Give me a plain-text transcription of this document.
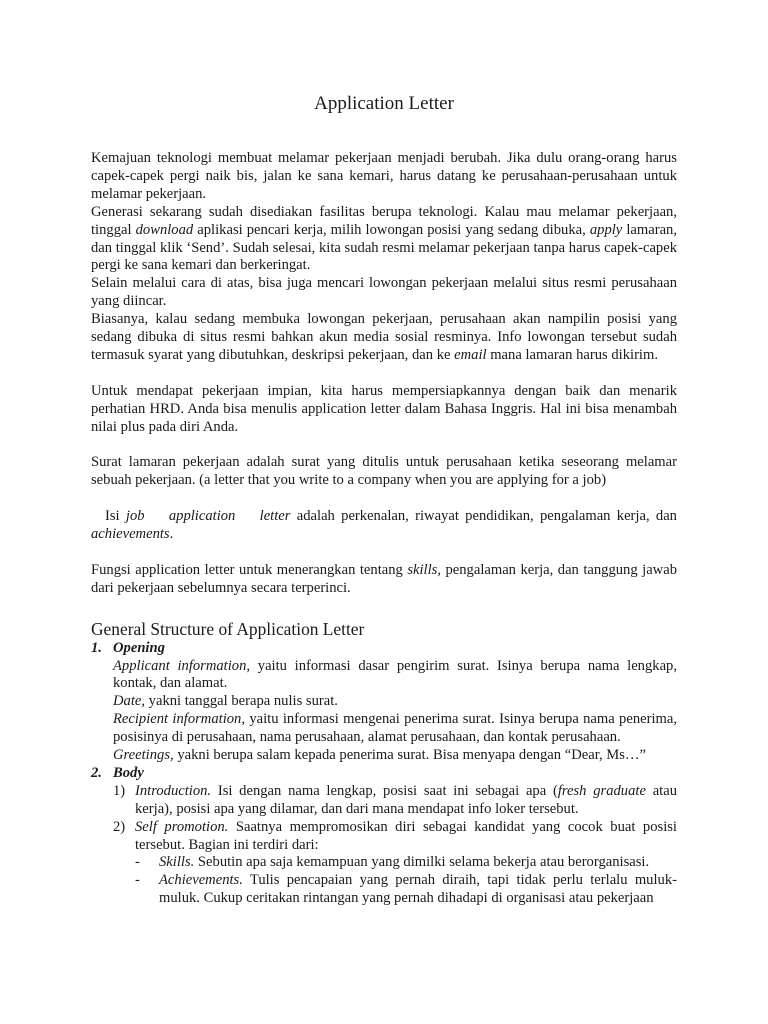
Application Letter

Kemajuan teknologi membuat melamar pekerjaan menjadi berubah. Jika dulu orang-orang harus capek-capek pergi naik bis, jalan ke sana kemari, harus datang ke perusahaan-perusahaan untuk melamar pekerjaan.

Generasi sekarang sudah disediakan fasilitas berupa teknologi. Kalau mau melamar pekerjaan, tinggal download aplikasi pencari kerja, milih lowongan posisi yang sedang dibuka, apply lamaran, dan tinggal klik ‘Send’. Sudah selesai, kita sudah resmi melamar pekerjaan tanpa harus capek-capek pergi ke sana kemari dan berkeringat.

Selain melalui cara di atas, bisa juga mencari lowongan pekerjaan melalui situs resmi perusahaan yang diincar.

Biasanya, kalau sedang membuka lowongan pekerjaan, perusahaan akan nampilin posisi yang sedang dibuka di situs resmi bahkan akun media sosial resminya. Info lowongan tersebut sudah termasuk syarat yang dibutuhkan, deskripsi pekerjaan, dan ke email mana lamaran harus dikirim.

Untuk mendapat pekerjaan impian, kita harus mempersiapkannya dengan baik dan menarik perhatian HRD. Anda bisa menulis application letter dalam Bahasa Inggris. Hal ini bisa menambah nilai plus pada diri Anda.

Surat lamaran pekerjaan adalah surat yang ditulis untuk perusahaan ketika seseorang melamar sebuah pekerjaan. (a letter that you write to a company when you are applying for a job)

Isi job application letter adalah perkenalan, riwayat pendidikan, pengalaman kerja, dan achievements.

Fungsi application letter untuk menerangkan tentang skills, pengalaman kerja, dan tanggung jawab dari pekerjaan sebelumnya secara terperinci.

General Structure of Application Letter

1. Opening

Applicant information, yaitu informasi dasar pengirim surat. Isinya berupa nama lengkap, kontak, dan alamat.

Date, yakni tanggal berapa nulis surat.

Recipient information, yaitu informasi mengenai penerima surat. Isinya berupa nama penerima, posisinya di perusahaan, nama perusahaan, alamat perusahaan, dan kontak perusahaan.

Greetings, yakni berupa salam kepada penerima surat. Bisa menyapa dengan “Dear, Ms…”

2. Body

1) Introduction. Isi dengan nama lengkap, posisi saat ini sebagai apa (fresh graduate atau kerja), posisi apa yang dilamar, dan dari mana mendapat info loker tersebut.

2) Self promotion. Saatnya mempromosikan diri sebagai kandidat yang cocok buat posisi tersebut. Bagian ini terdiri dari:

- Skills. Sebutin apa saja kemampuan yang dimilki selama bekerja atau berorganisasi.

- Achievements. Tulis pencapaian yang pernah diraih, tapi tidak perlu terlalu muluk-muluk. Cukup ceritakan rintangan yang pernah dihadapi di organisasi atau pekerjaan
